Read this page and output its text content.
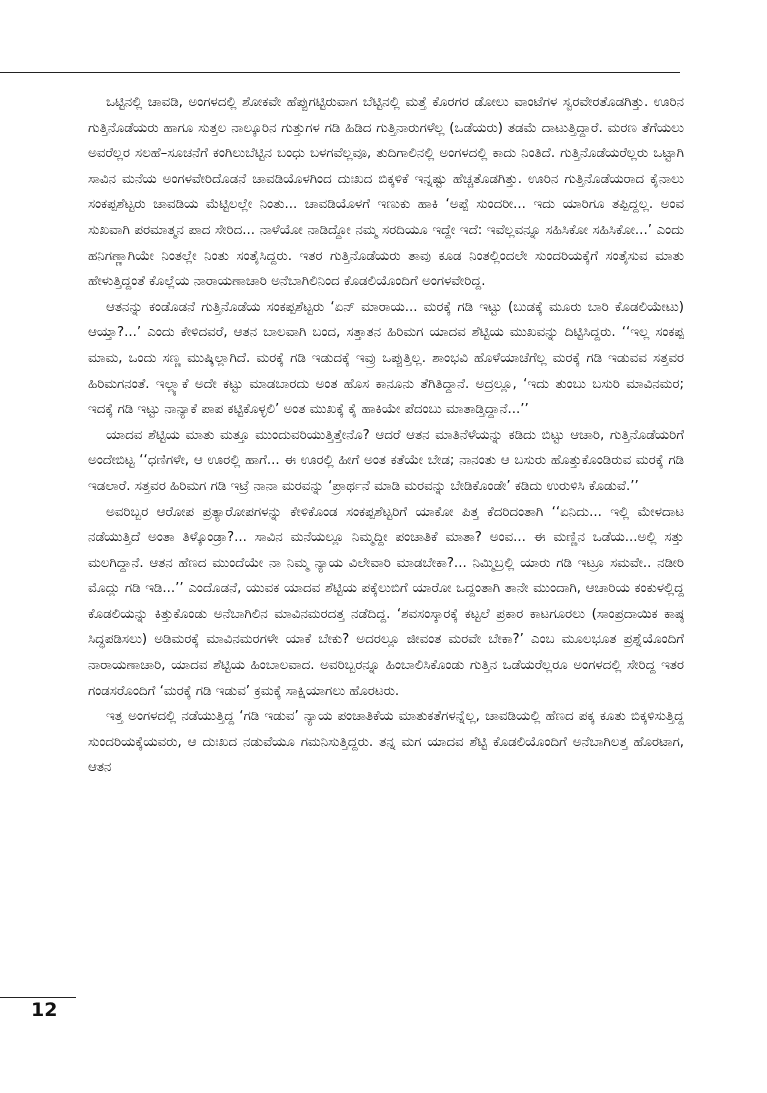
ಒಟ್ಟಿನಲ್ಲಿ ಚಾವಡಿ, ಅಂಗಳದಲ್ಲಿ ಶೋಕವೇ ಹೆಪ್ಪುಗಟ್ಟಿರುವಾಗ ಬೆಟ್ಟಿನಲ್ಲಿ ಮತ್ತೆ ಕೊರಗರ ಡೋಲು ವಾಂಟೆಗಳ ಸ್ವರವೇರತೊಡಗಿತ್ತು. ಊರಿನ ಗುತ್ತಿನೊಡೆಯರು ಹಾಗೂ ಸುತ್ತಲ ನಾಲ್ಕೂರಿನ ಗುತ್ತುಗಳ ಗಡಿ ಹಿಡಿದ ಗುತ್ತಿನಾರುಗಳೆಲ್ಲ (ಒಡೆಯರು) ತಡಮೆ ದಾಟುತ್ತಿದ್ದಾರೆ. ಮರಣ ತೆಗೆಯಲು ಅವರೆಲ್ಲರ ಸಲಹೆ–ಸೂಚನೆಗೆ ಕಂಗಿಲುಬೆಟ್ಟಿನ ಬಂಧು ಬಳಗವೆಲ್ಲವೂ, ತುದಿಗಾಲಿನಲ್ಲಿ ಅಂಗಳದಲ್ಲಿ ಕಾದು ನಿಂತಿದೆ. ಗುತ್ತಿನೊಡೆಯರೆಲ್ಲರು ಒಟ್ಟಾಗಿ ಸಾವಿನ ಮನೆಯ ಅಂಗಳವೇರಿದೊಡನೆ ಚಾವಡಿಯೊಳಗಿಂದ ದುಃಖದ ಬಿಕ್ಕಳಿಕೆ ಇನ್ನಷ್ಟು ಹೆಚ್ಚತೊಡಗಿತ್ತು. ಊರಿನ ಗುತ್ತಿನೊಡೆಯರಾದ ಕೈನಾಲು ಸಂಕಪ್ಪಶೆಟ್ಟರು ಚಾವಡಿಯ ಮೆಟ್ಟಿಲಲ್ಲೇ ನಿಂತು... ಚಾವಡಿಯೊಳಗೆ ಇಣುಕು ಹಾಕಿ ‘ಅಪ್ಪೆ ಸುಂದರೀ... ಇದು ಯಾರಿಗೂ ತಪ್ಪಿದ್ದಲ್ಲ. ಅಂವ ಸುಖವಾಗಿ ಪರಮಾತ್ಮನ ಪಾದ ಸೇರಿದ... ನಾಳೆಯೋ ನಾಡಿದ್ದೋ ನಮ್ಮ ಸರದಿಯೂ ಇದ್ದೇ ಇದೆ: ಇವೆಲ್ಲವನ್ನೂ ಸಹಿಸಿಕೋ ಸಹಿಸಿಕೋ...’ ಎಂದು ಹನಿಗಣ್ಣಾಗಿಯೇ ನಿಂತಲ್ಲೇ ನಿಂತು ಸಂತೈಸಿದ್ದರು. ಇತರ ಗುತ್ತಿನೊಡೆಯರು ತಾವು ಕೂಡ ನಿಂತಲ್ಲಿಂದಲೇ ಸುಂದರಿಯಕ್ಕೆಗೆ ಸಂತೈಸುವ ಮಾತು ಹೇಳುತ್ತಿದ್ದಂತೆ ಕೊಲ್ಲೆಯ ನಾರಾಯಣಾಚಾರಿ ಅನೆಬಾಗಿಲಿನಿಂದ ಕೊಡಲಿಯೊಂದಿಗೆ ಅಂಗಳವೇರಿದ್ದ.

ಆತನನ್ನು ಕಂಡೊಡನೆ ಗುತ್ತಿನೊಡೆಯ ಸಂಕಪ್ಪಶೆಟ್ಟರು ‘ಏನ್ ಮಾರಾಯ... ಮರಕ್ಕೆ ಗಡಿ ಇಟ್ಟು (ಬುಡಕ್ಕೆ ಮೂರು ಬಾರಿ ಕೊಡಲಿಯೇಟು) ಆಯ್ತಾ?...’ ಎಂದು ಕೇಳಿದವರೆ, ಆತನ ಬಾಲವಾಗಿ ಬಂದ, ಸತ್ತಾತನ ಹಿರಿಮಗ ಯಾದವ ಶೆಟ್ಟಿಯ ಮುಖವನ್ನು ದಿಟ್ಟಿಸಿದ್ದರು. ‘‘ಇಲ್ಲ ಸಂಕಪ್ಪ ಮಾಮ, ಒಂದು ಸಣ್ಣ ಮುಷ್ಕಿಲ್ಲಾಗಿದೆ. ಮರಕ್ಕೆ ಗಡಿ ಇಡುದಕ್ಕೆ ಇವ್ರು ಒಪ್ಪುತ್ತಿಲ್ಲ. ಶಾಂಭವಿ ಹೊಳೆಯಾಚೆಗೆಲ್ಲ ಮರಕ್ಕೆ ಗಡಿ ಇಡುವವ ಸತ್ತವರ ಹಿರಿಮಗನಂತೆ. ಇಲ್ಲ್ಯಾಕೆ ಅದೇ ಕಟ್ಟು ಮಾಡಬಾರದು ಅಂತ ಹೊಸ ಕಾನೂನು ತೆಗಿತಿದ್ದಾನೆ. ಅದ್ರಲ್ಲೂ, ‘ಇದು ತುಂಬು ಬಸುರಿ ಮಾವಿನಮರ; ಇದಕ್ಕೆ ಗಡಿ ಇಟ್ಟು ನಾನ್ಯಾಕೆ ಪಾಪ ಕಟ್ಟಿಕೊಳ್ಳಲಿ’ ಅಂತ ಮುಖಕ್ಕೆ ಕೈ ಹಾಕಿಯೇ ಪೆದಂಬು ಮಾತಾಡ್ತಿದ್ದಾನೆ...’’

ಯಾದವ ಶೆಟ್ಟಿಯ ಮಾತು ಮತ್ತೂ ಮುಂದುವರಿಯುತ್ತಿತ್ತೇನೊ? ಆದರೆ ಆತನ ಮಾತಿನೆಳೆಯನ್ನು ಕಡಿದು ಬಿಟ್ಟು ಆಚಾರಿ, ಗುತ್ತಿನೊಡೆಯರಿಗೆ ಅಂದೇಬಿಟ್ಟ ‘‘ಧಣಿಗಳೇ, ಆ ಊರಲ್ಲಿ ಹಾಗೆ... ಈ ಊರಲ್ಲಿ ಹೀಗೆ ಅಂತ ಕತೆಯೇ ಬೇಡ; ನಾನಂತು ಆ ಬಸುರು ಹೊತ್ತುಕೊಂಡಿರುವ ಮರಕ್ಕೆ ಗಡಿ ಇಡಲಾರೆ. ಸತ್ತವರ ಹಿರಿಮಗ ಗಡಿ ಇಟ್ರೆ ನಾನಾ ಮರವನ್ನು ‘ಪ್ರಾರ್ಥನೆ ಮಾಡಿ ಮರವನ್ನು ಬೇಡಿಕೊಂಡೇ’ ಕಡಿದು ಉರುಳಿಸಿ ಕೊಡುವೆ.’’

ಅವರಿಬ್ಬರ ಆರೋಪ ಪ್ರತ್ಯಾರೋಪಗಳನ್ನು ಕೇಳಿಕೊಂಡ ಸಂಕಪ್ಪಶೆಟ್ಟರಿಗೆ ಯಾಕೋ ಪಿತ್ತ ಕೆದರಿದಂತಾಗಿ ‘‘ಏನಿದು... ಇಲ್ಲಿ ಮೇಳದಾಟ ನಡೆಯುತ್ತಿದೆ ಅಂತಾ ತಿಳ್ಕೊಂಡ್ರಾ?... ಸಾವಿನ ಮನೆಯಲ್ಲೂ ನಿಮ್ಮದ್ದೀ ಪಂಚಾತಿಕೆ ಮಾತಾ? ಅಂವ... ಈ ಮಣ್ಣಿನ ಒಡೆಯ...ಅಲ್ಲಿ ಸತ್ತು ಮಲಗಿದ್ದಾನೆ. ಆತನ ಹೆಣದ ಮುಂದೆಯೇ ನಾ ನಿಮ್ಮ ನ್ಯಾಯ ವಿಲೇವಾರಿ ಮಾಡಬೇಕಾ?... ನಿಮ್ಮಿಬ್ರಲ್ಲಿ ಯಾರು ಗಡಿ ಇಟ್ರೂ ಸಮವೇ.. ನಡೀರಿ ಮೊದ್ಲು ಗಡಿ ಇಡಿ...’’ ಎಂದೊಡನೆ, ಯುವಕ ಯಾದವ ಶೆಟ್ಟಿಯ ಪಕ್ಕೆಲುಬಿಗೆ ಯಾರೋ ಒದ್ದಂತಾಗಿ ತಾನೇ ಮುಂದಾಗಿ, ಆಚಾರಿಯ ಕಂಕುಳಲ್ಲಿದ್ದ ಕೊಡಲಿಯನ್ನು ಕಿತ್ತುಕೊಂಡು ಅನೆಬಾಗಿಲಿನ ಮಾವಿನಮರದತ್ತ ನಡೆದಿದ್ದ. ‘ಶವಸಂಸ್ಕಾರಕ್ಕೆ ಕಟ್ಟಲೆ ಪ್ರಕಾರ ಕಾಟಗೂರಲು (ಸಾಂಪ್ರದಾಯಿಕ ಕಾಷ್ಠ ಸಿದ್ಧಪಡಿಸಲು) ಅಡಿಮರಕ್ಕೆ ಮಾವಿನಮರಗಳೇ ಯಾಕೆ ಬೇಕು? ಅದರಲ್ಲೂ ಜೀವಂತ ಮರವೇ ಬೇಕಾ?’ ಎಂಬ ಮೂಲಭೂತ ಪ್ರಶ್ನೆಯೊಂದಿಗೆ ನಾರಾಯಣಾಚಾರಿ, ಯಾದವ ಶೆಟ್ಟಿಯ ಹಿಂಬಾಲವಾದ. ಅವರಿಬ್ಬರನ್ನೂ ಹಿಂಬಾಲಿಸಿಕೊಂಡು ಗುತ್ತಿನ ಒಡೆಯರೆಲ್ಲರೂ ಅಂಗಳದಲ್ಲಿ ಸೇರಿದ್ದ ಇತರ ಗಂಡಸರೊಂದಿಗೆ ‘ಮರಕ್ಕೆ ಗಡಿ ಇಡುವ’ ಕ್ರಮಕ್ಕೆ ಸಾಕ್ಷಿಯಾಗಲು ಹೊರಟರು.

ಇತ್ತ ಅಂಗಳದಲ್ಲಿ ನಡೆಯುತ್ತಿದ್ದ ‘ಗಡಿ ಇಡುವ’ ನ್ಯಾಯ ಪಂಚಾತಿಕೆಯ ಮಾತುಕತೆಗಳನ್ನೆಲ್ಲ, ಚಾವಡಿಯಲ್ಲಿ ಹೆಣದ ಪಕ್ಕ ಕೂತು ಬಿಕ್ಕಳಿಸುತ್ತಿದ್ದ ಸುಂದರಿಯಕ್ಕೆಯವರು, ಆ ದುಃಖದ ನಡುವೆಯೂ ಗಮನಿಸುತ್ತಿದ್ದರು. ತನ್ನ ಮಗ ಯಾದವ ಶೆಟ್ಟಿ ಕೊಡಲಿಯೊಂದಿಗೆ ಅನೆಬಾಗಿಲತ್ತ ಹೊರಟಾಗ, ಆತನ

12
